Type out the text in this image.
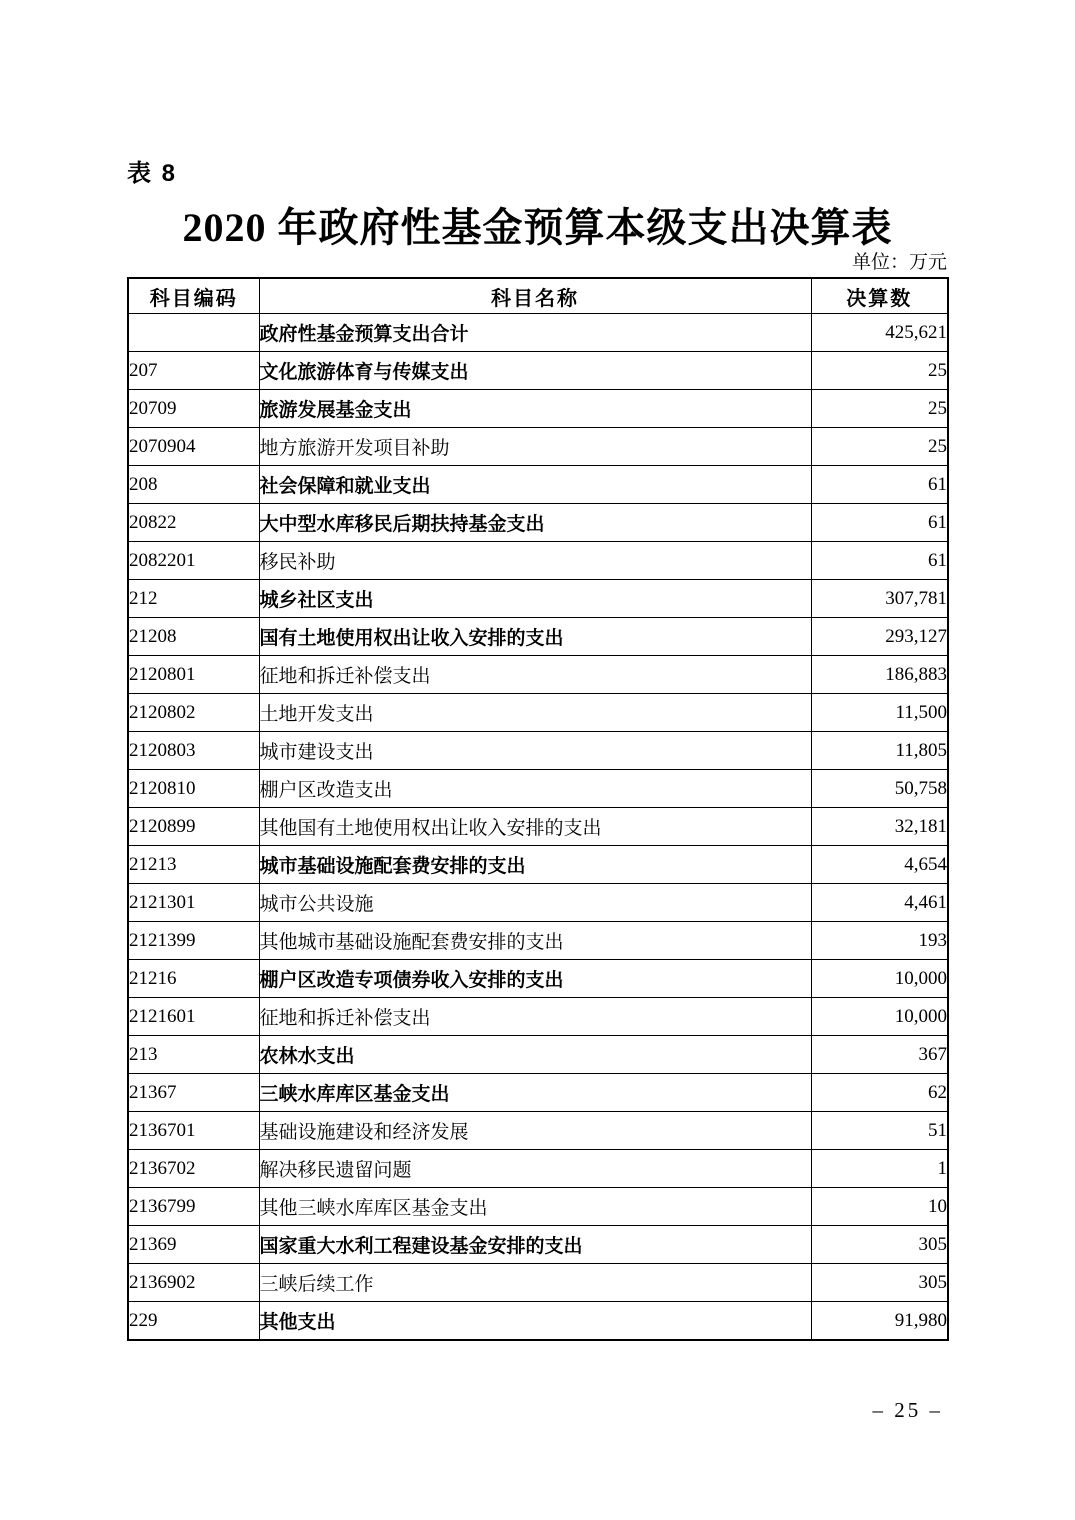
表 8
2020 年政府性基金预算本级支出决算表
单位：万元
科目编码	科目名称	决算数
	政府性基金预算支出合计	425,621
207	文化旅游体育与传媒支出	25
20709	旅游发展基金支出	25
2070904	地方旅游开发项目补助	25
208	社会保障和就业支出	61
20822	大中型水库移民后期扶持基金支出	61
2082201	移民补助	61
212	城乡社区支出	307,781
21208	国有土地使用权出让收入安排的支出	293,127
2120801	征地和拆迁补偿支出	186,883
2120802	土地开发支出	11,500
2120803	城市建设支出	11,805
2120810	棚户区改造支出	50,758
2120899	其他国有土地使用权出让收入安排的支出	32,181
21213	城市基础设施配套费安排的支出	4,654
2121301	城市公共设施	4,461
2121399	其他城市基础设施配套费安排的支出	193
21216	棚户区改造专项债券收入安排的支出	10,000
2121601	征地和拆迁补偿支出	10,000
213	农林水支出	367
21367	三峡水库库区基金支出	62
2136701	基础设施建设和经济发展	51
2136702	解决移民遗留问题	1
2136799	其他三峡水库库区基金支出	10
21369	国家重大水利工程建设基金安排的支出	305
2136902	三峡后续工作	305
229	其他支出	91,980
– 25 –
